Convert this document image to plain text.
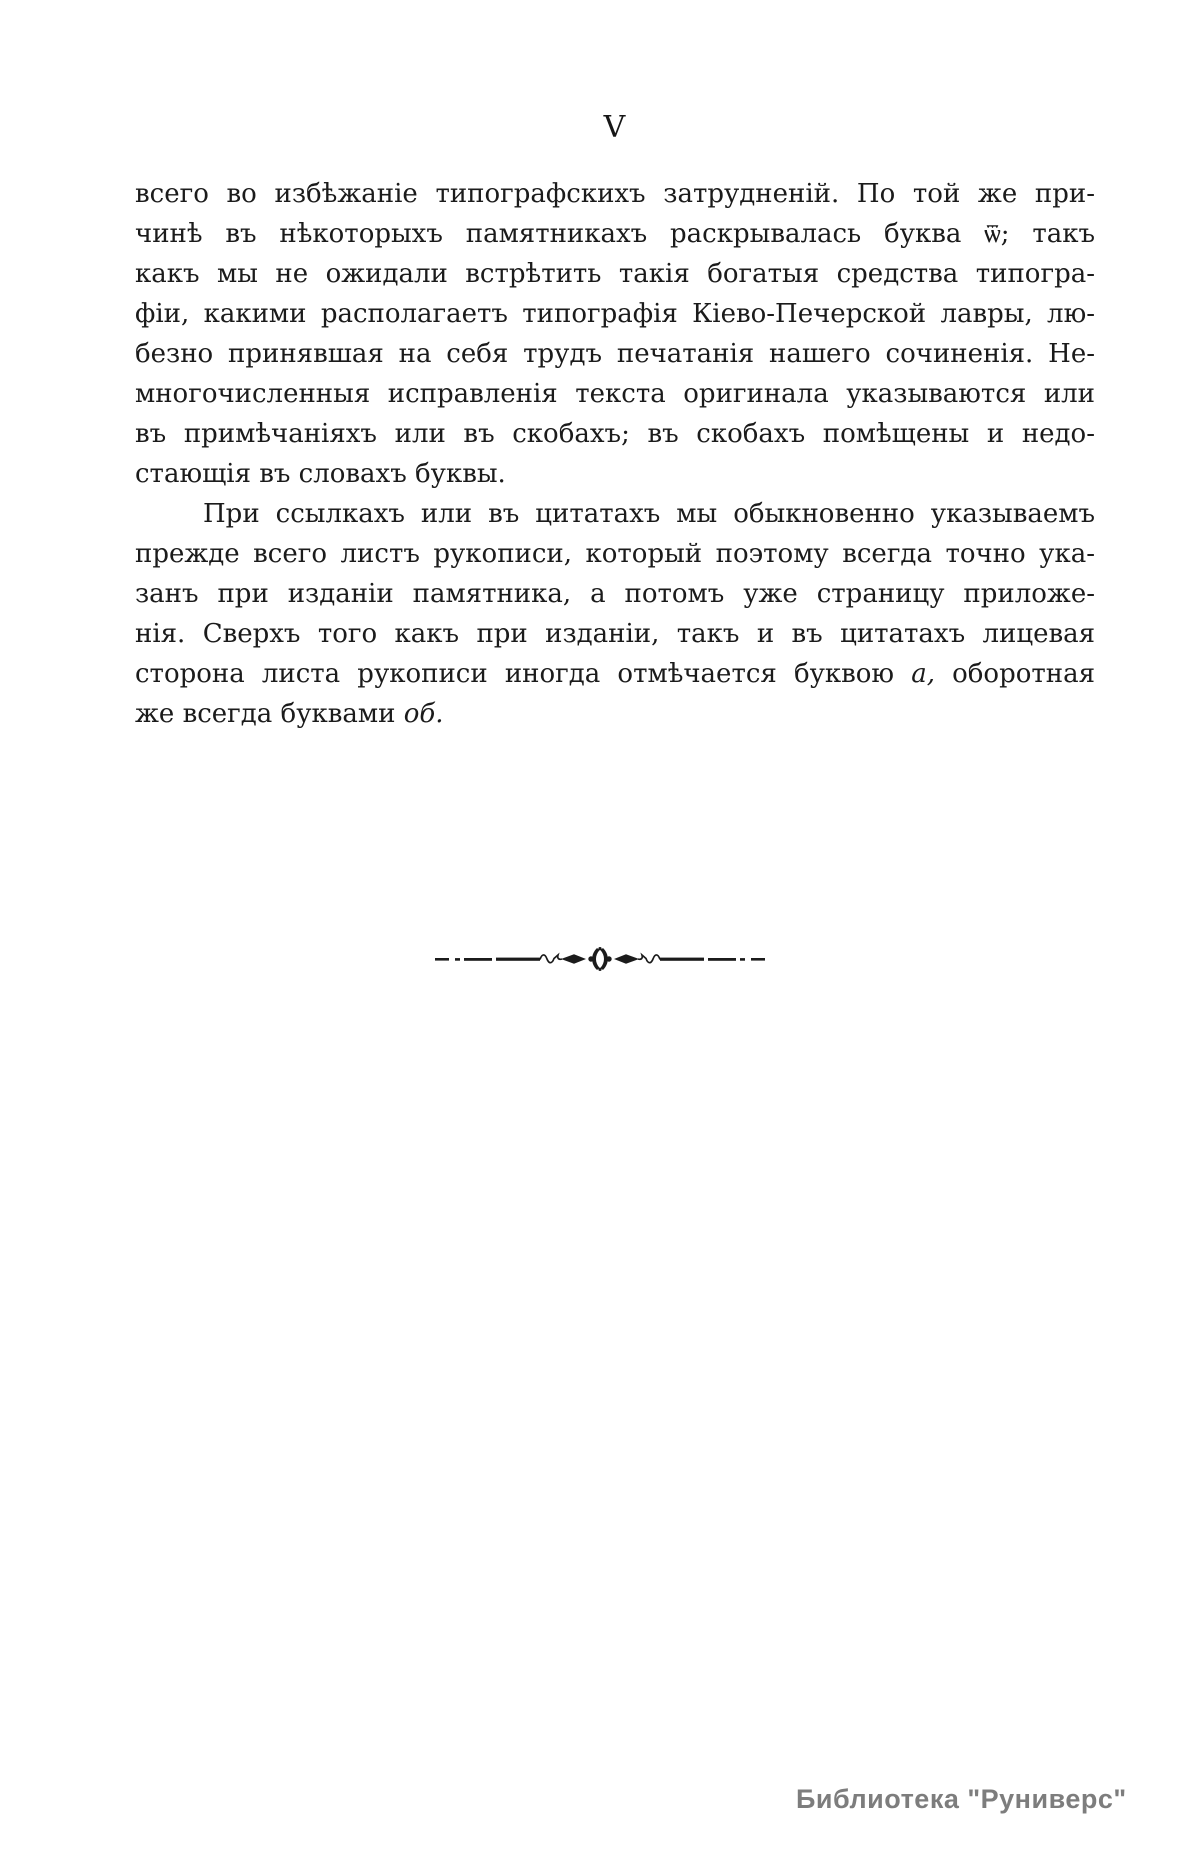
V
всего во избѣжаніе типографскихъ затрудненій. По той же при-
чинѣ въ нѣкоторыхъ памятникахъ раскрывалась буква ѿ; такъ
какъ мы не ожидали встрѣтить такія богатыя средства типогра-
фіи, какими располагаетъ типографія Кіево-Печерской лавры, лю-
безно принявшая на себя трудъ печатанія нашего сочиненія. Не-
многочисленныя исправленія текста оригинала указываются или
въ примѣчаніяхъ или въ скобахъ; въ скобахъ помѣщены и недо-
стающія въ словахъ буквы.
При ссылкахъ или въ цитатахъ мы обыкновенно указываемъ
прежде всего листъ рукописи, который поэтому всегда точно ука-
занъ при изданіи памятника, а потомъ уже страницу приложе-
нія. Сверхъ того какъ при изданіи, такъ и въ цитатахъ лицевая
сторона листа рукописи иногда отмѣчается буквою а, оборотная
же всегда буквами об.
Библиотека "Руниверс"
